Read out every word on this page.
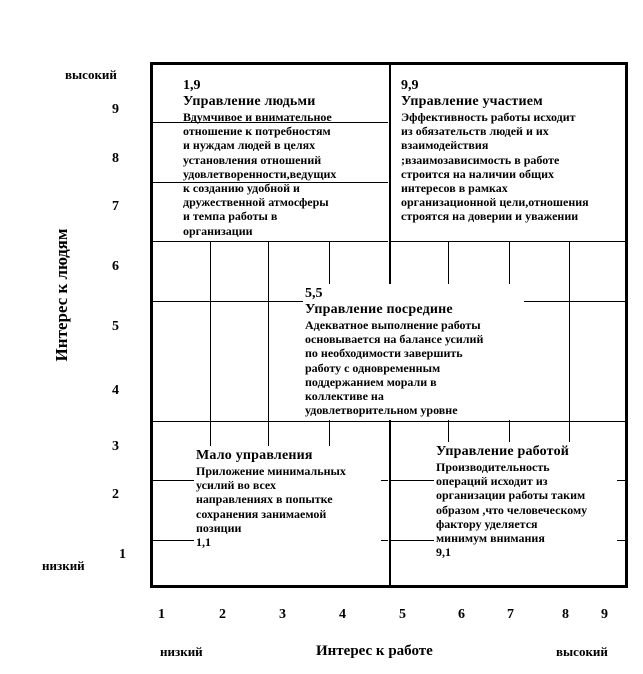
Интерес к людям
высокий
низкий
9
8
7
6
5
4
3
2
1
1	2	3	4	5	6	7	8 9
низкий	Интерес к работе	высокий
1,9
Управление людьми
Вдумчивое и внимательное
отношение к потребностям
и нуждам людей в целях
установления отношений
удовлетворенности,ведущих
к созданию удобной и
дружественной атмосферы
и темпа работы в
организации
9,9
Управление участием
Эффективность работы исходит
из обязательств людей и их
взаимодействия
;взаимозависимость в работе
строится на наличии общих
интересов в рамках
организационной цели,отношения
строятся на доверии и уважении
5,5
Управление посредине
Адекватное выполнение работы
основывается на балансе усилий
по необходимости завершить
работу с одновременным
поддержанием морали в
коллективе на
удовлетворительном уровне
Мало управления
Приложение минимальных
усилий во всех
направлениях в попытке
сохранения занимаемой
позиции
1,1
Управление работой
Производительность
операций исходит из
организации работы таким
образом ,что человеческому
фактору уделяется
минимум внимания
9,1
